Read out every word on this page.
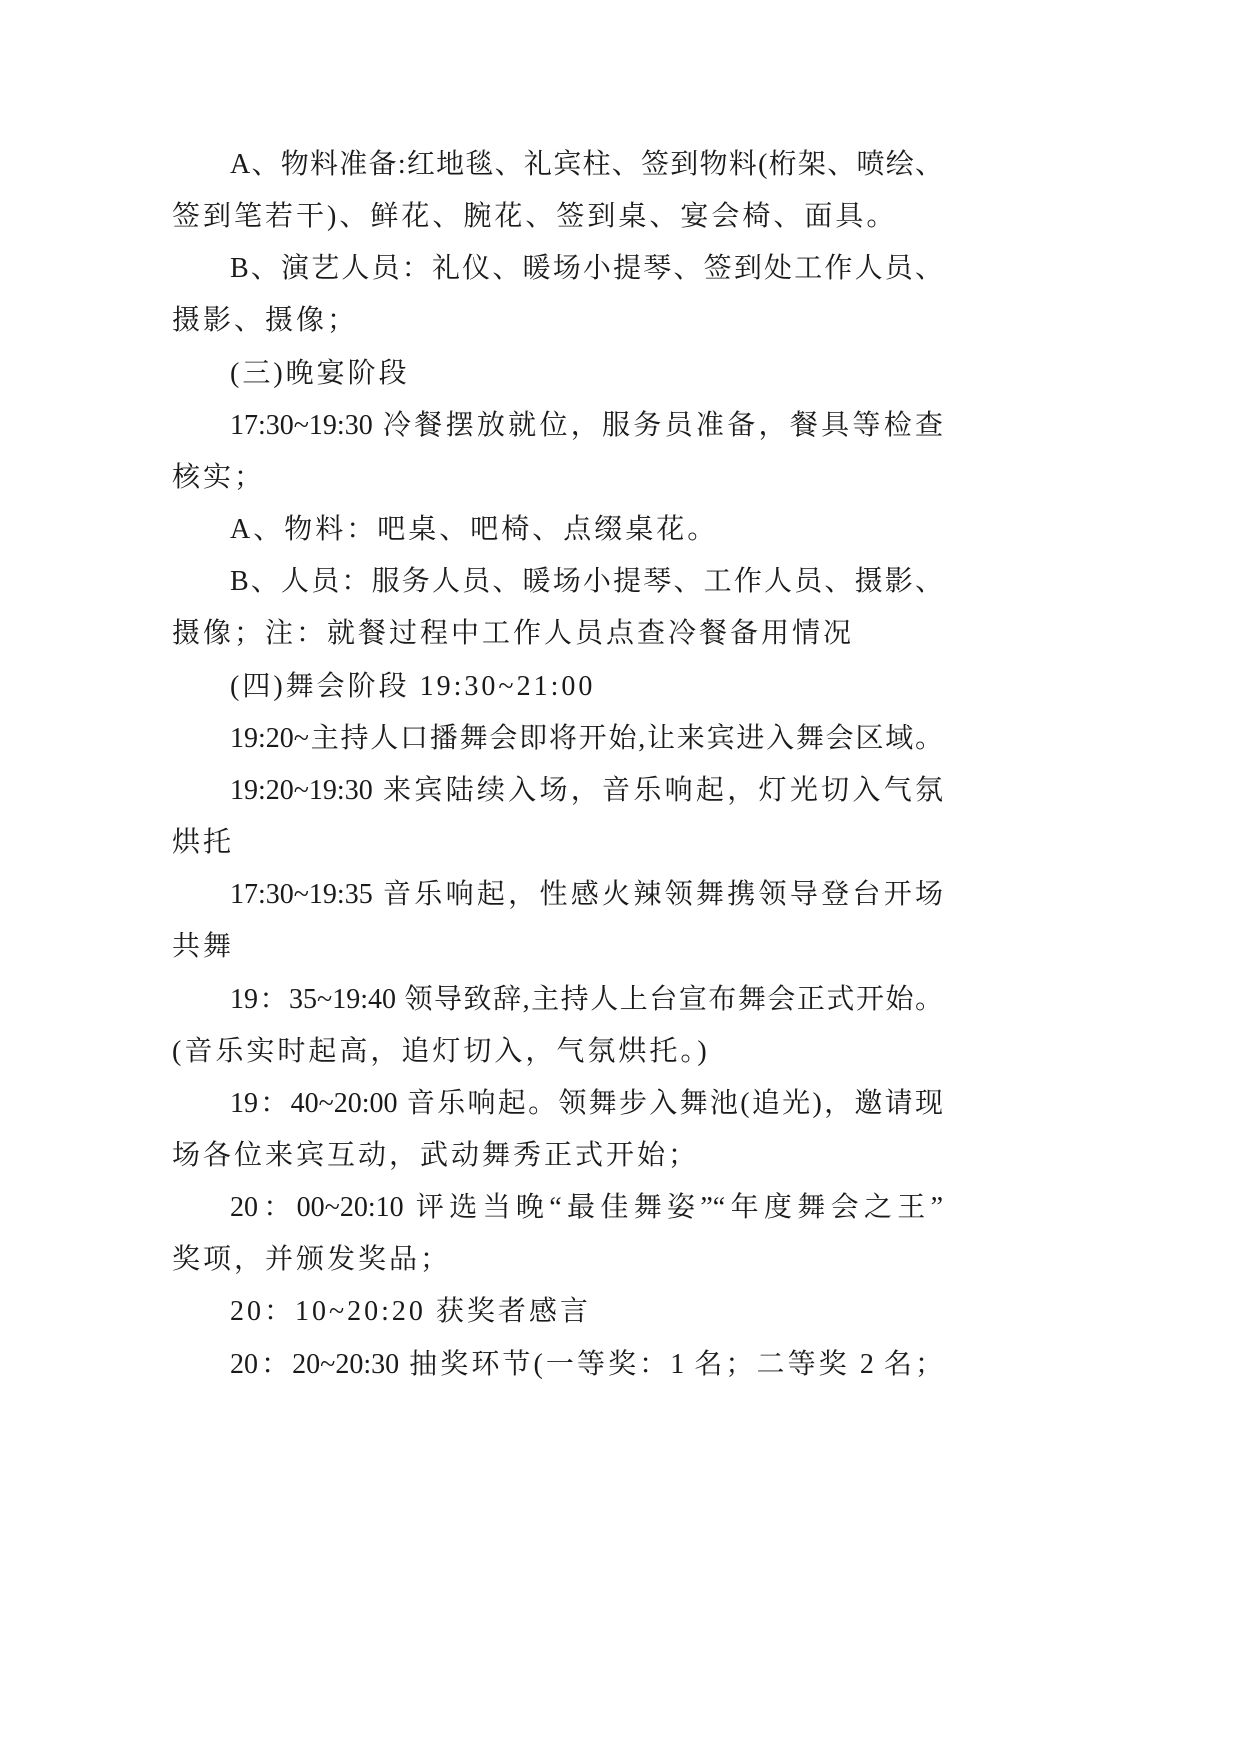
A、物料准备:红地毯、礼宾柱、签到物料(桁架、喷绘、
签到笔若干)、鲜花、腕花、签到桌、宴会椅、面具。
B、演艺人员：礼仪、暖场小提琴、签到处工作人员、
摄影、摄像；
(三)晚宴阶段
17:30~19:30 冷餐摆放就位，服务员准备，餐具等检查
核实；
A、物料：吧桌、吧椅、点缀桌花。
B、人员：服务人员、暖场小提琴、工作人员、摄影、
摄像；注：就餐过程中工作人员点查冷餐备用情况
(四)舞会阶段 19:30~21:00
19:20~主持人口播舞会即将开始,让来宾进入舞会区域。
19:20~19:30 来宾陆续入场，音乐响起，灯光切入气氛
烘托
17:30~19:35 音乐响起，性感火辣领舞携领导登台开场
共舞
19：35~19:40 领导致辞,主持人上台宣布舞会正式开始。
(音乐实时起高，追灯切入，气氛烘托。)
19：40~20:00 音乐响起。领舞步入舞池(追光)，邀请现
场各位来宾互动，武动舞秀正式开始；
20：00~20:10 评选当晚“最佳舞姿”“年度舞会之王”
奖项，并颁发奖品；
20：10~20:20 获奖者感言
20：20~20:30 抽奖环节(一等奖：1 名；二等奖 2 名；
